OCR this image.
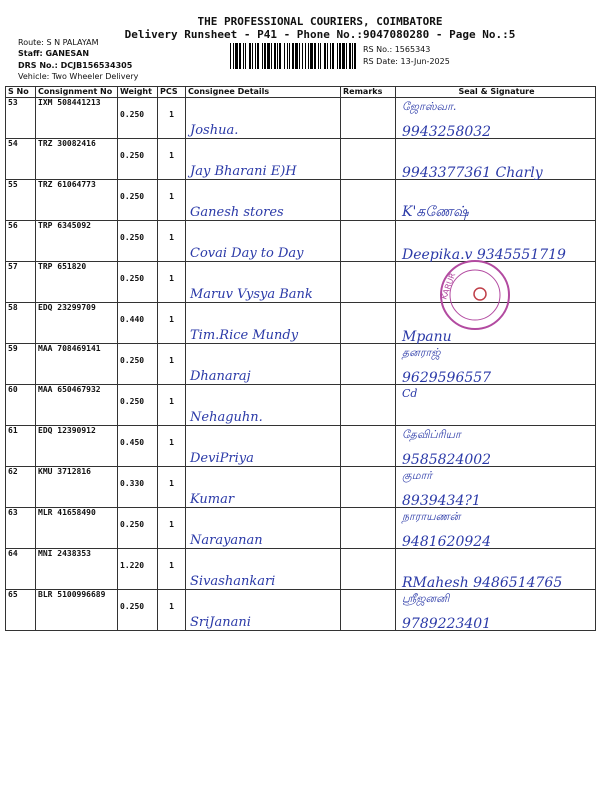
THE PROFESSIONAL COURIERS, COIMBATORE
Delivery Runsheet - P41 - Phone No.:9047080280 - Page No.:5
Route: S N PALAYAM
Staff: GANESAN
DRS No.: DCJB156534305
Vehicle: Two Wheeler Delivery
RS No.: 1565343
RS Date: 13-Jun-2025
S No	Consignment No	Weight	PCS	Consignee Details	Remarks	Seal & Signature

53	IXM 508441213	0.250	1	Joshua.		ஜோஸ்வா.
9943258032

54	TRZ 30082416	0.250	1	Jay Bharani E)H		9943377361 Charly

55	TRZ 61064773	0.250	1	Ganesh stores		K'கணேஷ்

56	TRP 6345092	0.250	1	Covai Day to Day		Deepika.v 9345551719

57	TRP 651820	0.250	1	Maruv Vysya Bank		

58	EDQ 23299709	0.440	1	Tim.Rice Mundy		Mpanu

59	MAA 708469141	0.250	1	Dhanaraj		தனராஜ்
9629596557

60	MAA 650467932	0.250	1	Nehaguhn.		Cd

61	EDQ 12390912	0.450	1	DeviPriya		தேவிப்ரியா
9585824002

62	KMU 3712816	0.330	1	Kumar		குமார்
8939434?1

63	MLR 41658490	0.250	1	Narayanan		நாராயணன்
9481620924

64	MNI 2438353	1.220	1	Sivashankari		RMahesh 9486514765

65	BLR 5100996689	0.250	1	SriJanani		ஸ்ரீஜனனி
9789223401
KARUR
